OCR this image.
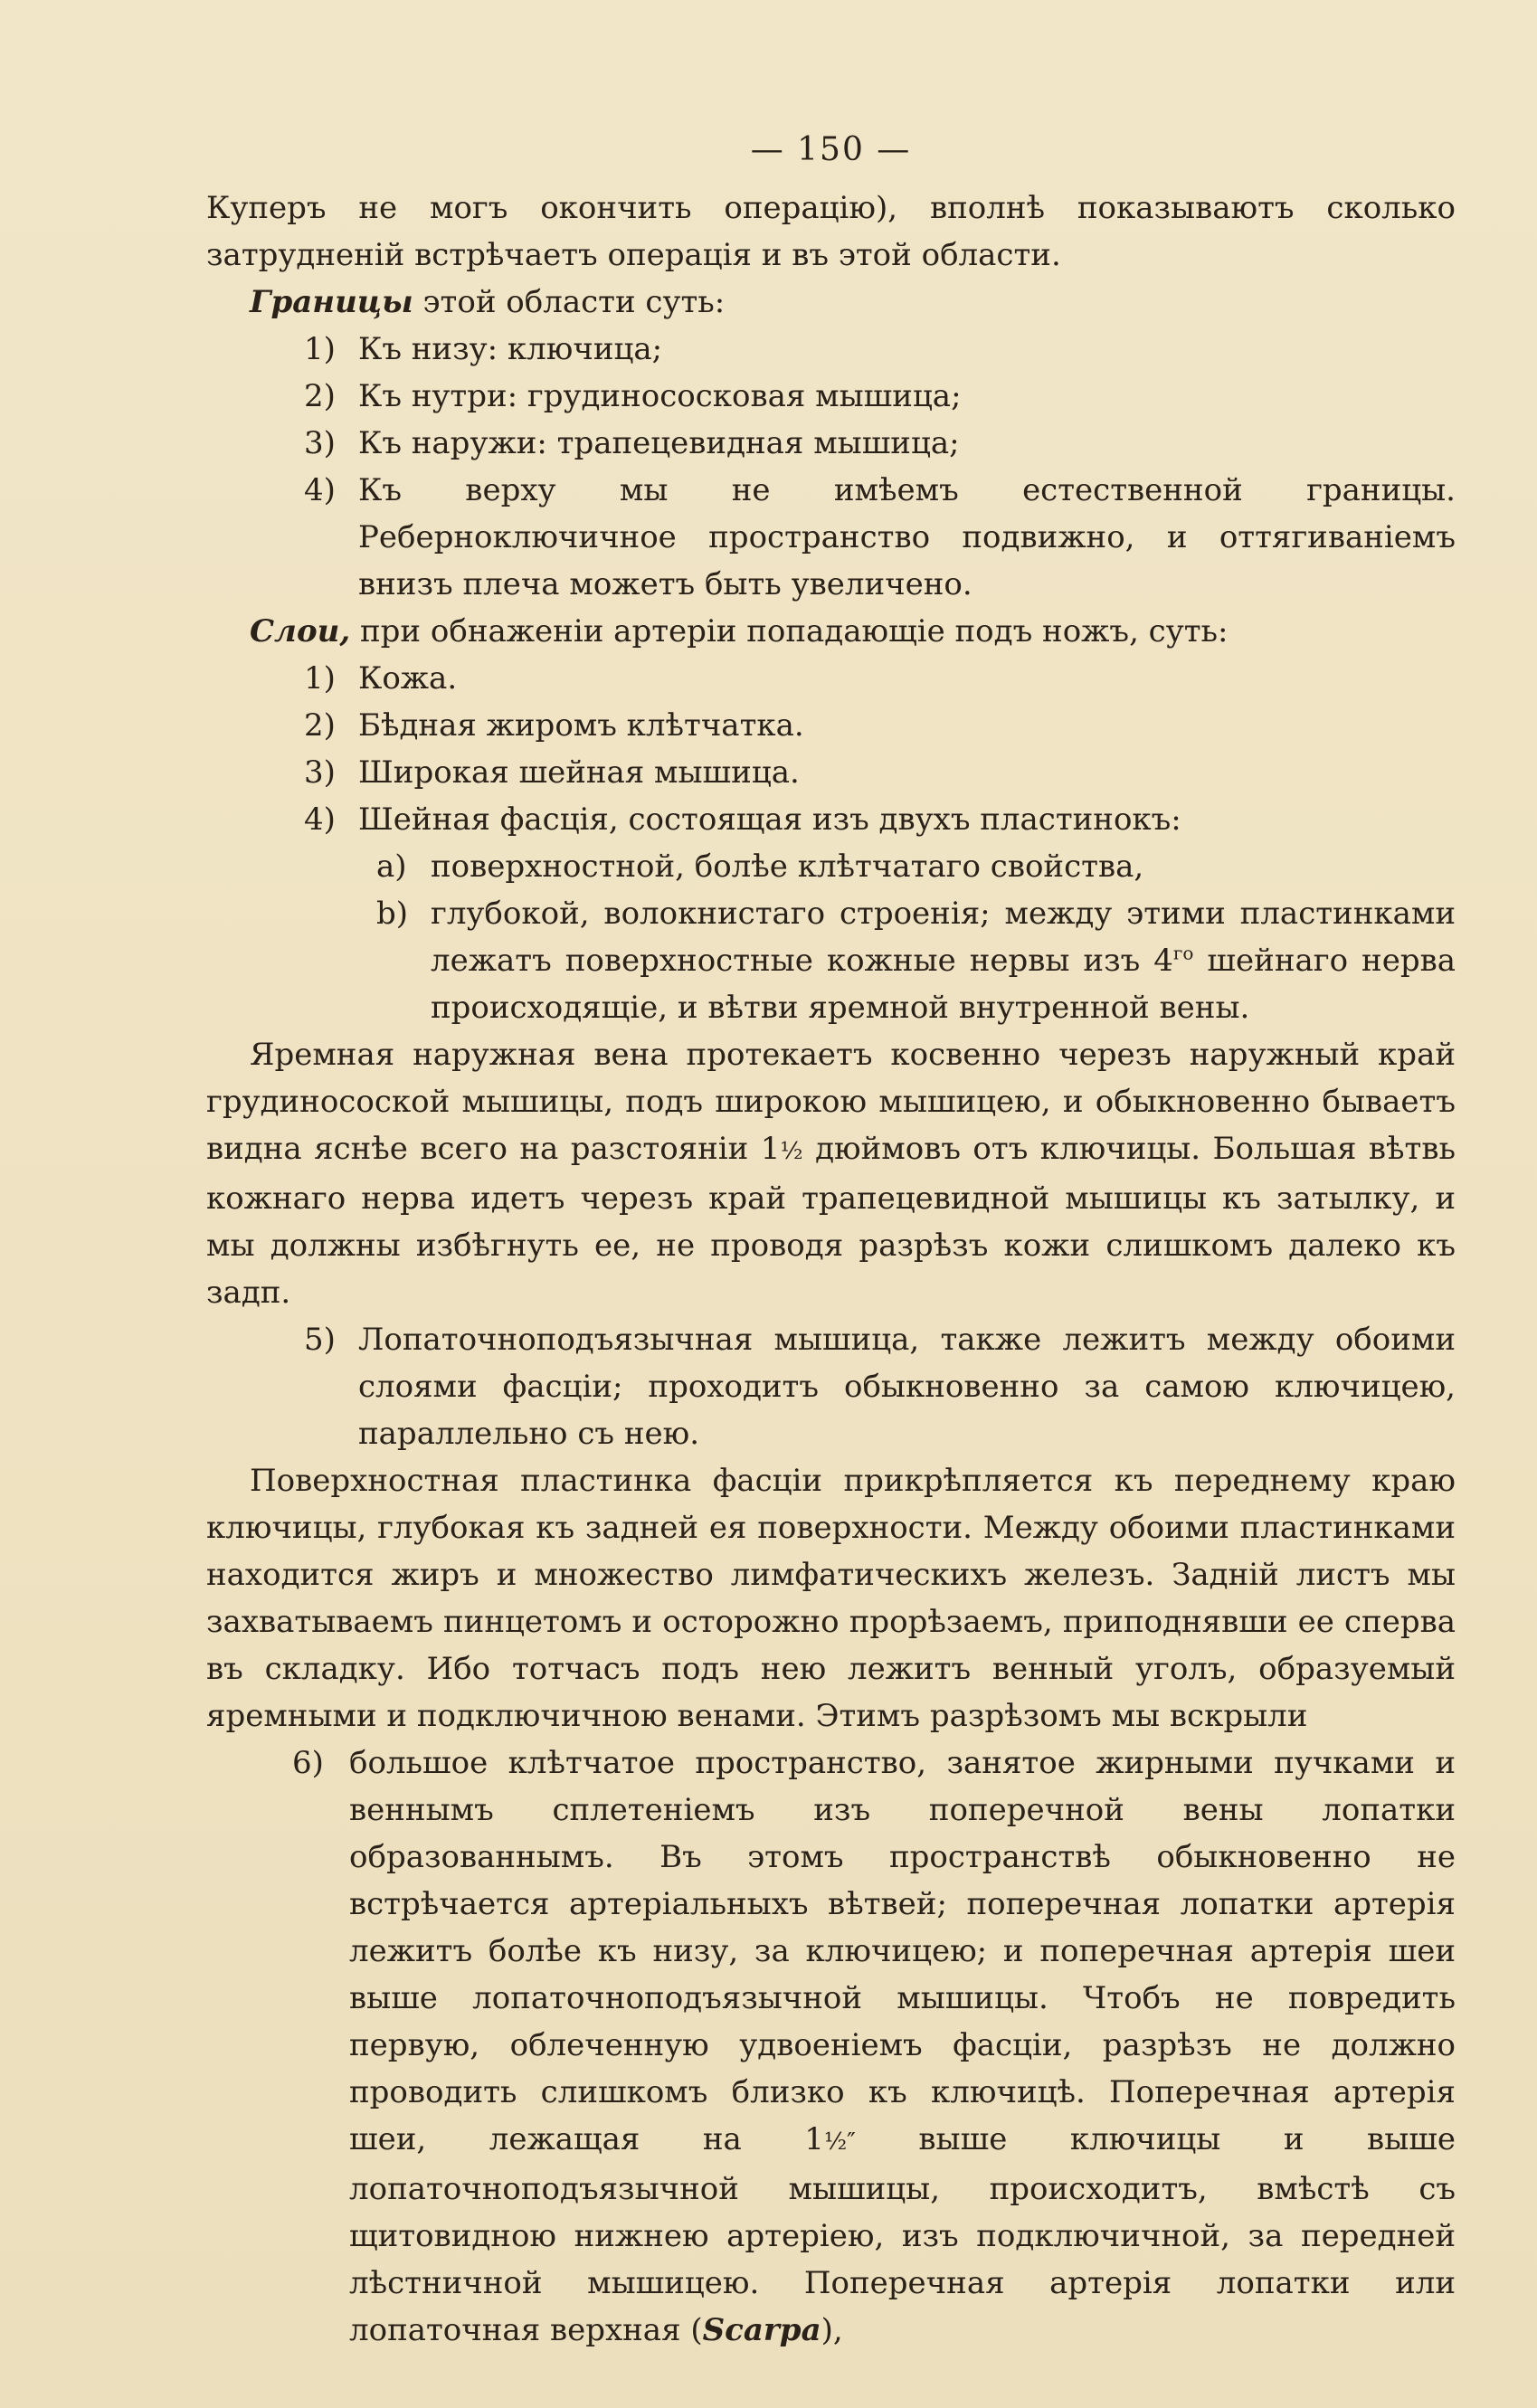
— 150 —

Куперъ не могъ окончить операцію), вполнѣ показываютъ сколько затрудненій встрѣчаетъ операція и въ этой области.

Границы этой области суть:

1) Къ низу: ключица;

2) Къ нутри: грудиносоcковая мышица;

3) Къ наружи: трапецевидная мышица;

4) Къ верху мы не имѣемъ естественной границы. Реберноключичное пространство подвижно, и оттягиваніемъ внизъ плеча можетъ быть увеличено.

Слои, при обнаженіи артеріи попадающіе подъ ножъ, суть:

1) Кожа.

2) Бѣдная жиромъ клѣтчатка.

3) Широкая шейная мышица.

4) Шейная фасція, состоящая изъ двухъ пластинокъ:

a) поверхностной, болѣе клѣтчатаго свойства,

b) глубокой, волокнистаго строенія; между этими пластинками лежатъ поверхностные кожные нервы изъ $4^{го}$ шейнаго нерва происходящіе, и вѣтви яремной внутренной вены.

Яремная наружная вена протекаетъ косвенно черезъ наружный край грудиносоской мышицы, подъ широкою мышицею, и обыкновенно бываетъ видна яснѣе всего на разстояніи 1½ дюймовъ отъ ключицы. Большая вѣтвь кожнаго нерва идетъ черезъ край трапецевидной мышицы къ затылку, и мы должны избѣгнуть ее, не проводя разрѣзъ кожи слишкомъ далеко къ задп.

5) Лопаточноподъязычная мышица, также лежитъ между обоими слоями фасціи; проходитъ обыкновенно за самою ключицею, параллельно съ нею.

Поверхностная пластинка фасціи прикрѣпляется къ переднему краю ключицы, глубокая къ задней ея поверхности. Между обоими пластинками находится жиръ и множество лимфатическихъ железъ. Задній листъ мы захватываемъ пинцетомъ и осторожно прорѣзаемъ, приподнявши ее сперва въ складку. Ибо тотчасъ подъ нею лежитъ венный уголъ, образуемый яремными и подключичною венами. Этимъ разрѣзомъ мы вскрыли

6) большое клѣтчатое пространство, занятое жирными пучками и веннымъ сплетеніемъ изъ поперечной вены лопатки образованнымъ. Въ этомъ пространствѣ обыкновенно не встрѣчается артеріальныхъ вѣтвей; поперечная лопатки артерія лежитъ болѣе къ низу, за ключицею; и поперечная артерія шеи выше лопаточноподъязычной мышицы. Чтобъ не повредить первую, облеченную удвоеніемъ фасціи, разрѣзъ не должно проводить слишкомъ близко къ ключицѣ. Поперечная артерія шеи, лежащая на 1½″ выше ключицы и выше лопаточноподъязычной мышицы, происходитъ, вмѣстѣ съ щитовидною нижнею артеріею, изъ подключичной, за передней лѣстничной мышицею. Поперечная артерія лопатки или лопаточная верхная (Scarpa),
